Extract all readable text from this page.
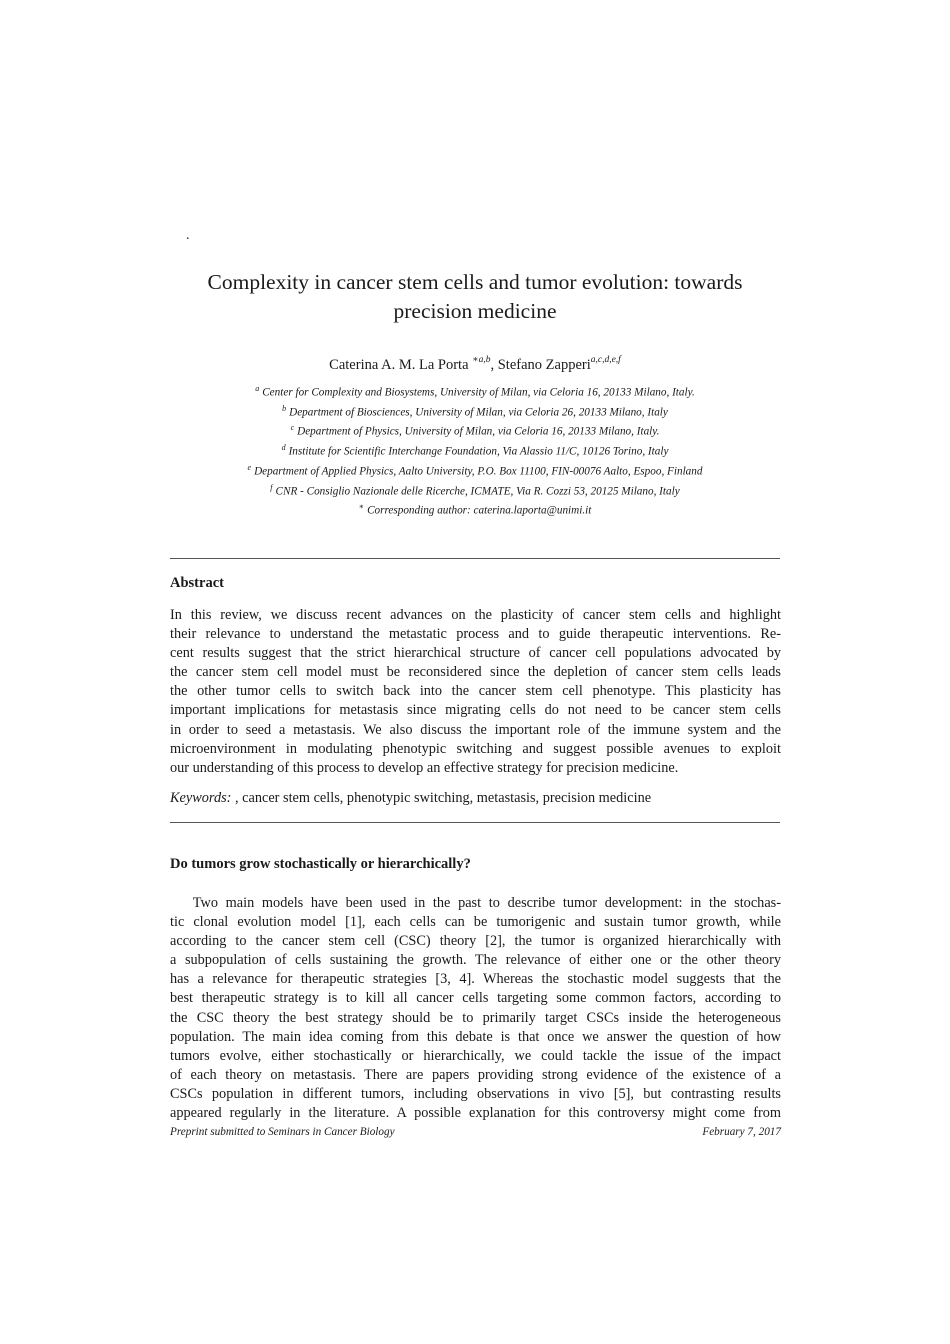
.
Complexity in cancer stem cells and tumor evolution: towards
precision medicine
Caterina A. M. La Porta $^{∗a,b}$, Stefano Zapperi$^{a,c,d,e,f}$
$^a$ Center for Complexity and Biosystems, University of Milan, via Celoria 16, 20133 Milano, Italy.
$^b$ Department of Biosciences, University of Milan, via Celoria 26, 20133 Milano, Italy
$^c$ Department of Physics, University of Milan, via Celoria 16, 20133 Milano, Italy.
$^d$ Institute for Scientific Interchange Foundation, Via Alassio 11/C, 10126 Torino, Italy
$^e$ Department of Applied Physics, Aalto University, P.O. Box 11100, FIN-00076 Aalto, Espoo, Finland
$^f$ CNR - Consiglio Nazionale delle Ricerche, ICMATE, Via R. Cozzi 53, 20125 Milano, Italy
∗ Corresponding author: caterina.laporta@unimi.it
Abstract
In this review, we discuss recent advances on the plasticity of cancer stem cells and highlight
their relevance to understand the metastatic process and to guide therapeutic interventions. Re-
cent results suggest that the strict hierarchical structure of cancer cell populations advocated by
the cancer stem cell model must be reconsidered since the depletion of cancer stem cells leads
the other tumor cells to switch back into the cancer stem cell phenotype. This plasticity has
important implications for metastasis since migrating cells do not need to be cancer stem cells
in order to seed a metastasis. We also discuss the important role of the immune system and the
microenvironment in modulating phenotypic switching and suggest possible avenues to exploit
our understanding of this process to develop an effective strategy for precision medicine.
Keywords: , cancer stem cells, phenotypic switching, metastasis, precision medicine
Do tumors grow stochastically or hierarchically?
Two main models have been used in the past to describe tumor development: in the stochas-
tic clonal evolution model [1], each cells can be tumorigenic and sustain tumor growth, while
according to the cancer stem cell (CSC) theory [2], the tumor is organized hierarchically with
a subpopulation of cells sustaining the growth. The relevance of either one or the other theory
has a relevance for therapeutic strategies [3, 4]. Whereas the stochastic model suggests that the
best therapeutic strategy is to kill all cancer cells targeting some common factors, according to
the CSC theory the best strategy should be to primarily target CSCs inside the heterogeneous
population. The main idea coming from this debate is that once we answer the question of how
tumors evolve, either stochastically or hierarchically, we could tackle the issue of the impact
of each theory on metastasis. There are papers providing strong evidence of the existence of a
CSCs population in different tumors, including observations in vivo [5], but contrasting results
appeared regularly in the literature. A possible explanation for this controversy might come from
Preprint submitted to Seminars in Cancer Biology	February 7, 2017
